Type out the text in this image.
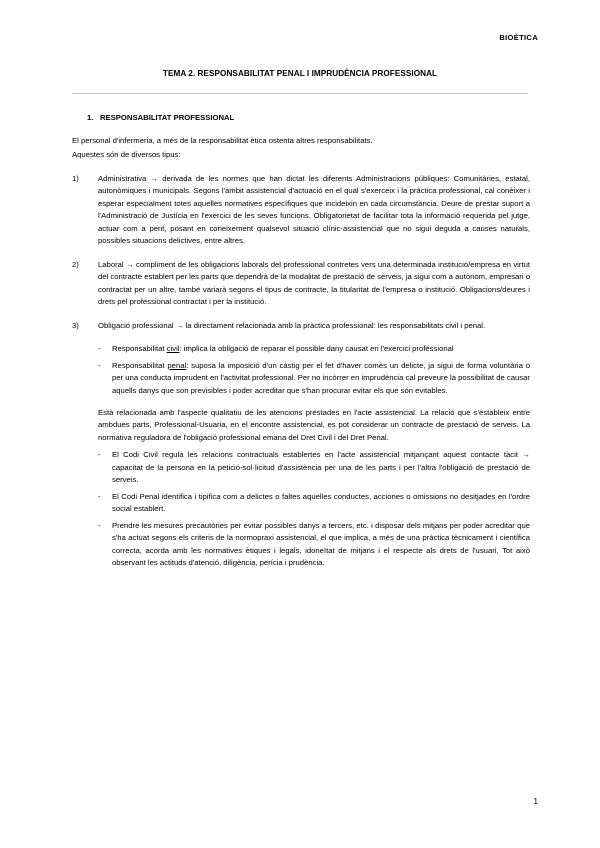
BIOÈTICA
TEMA 2. RESPONSABILITAT PENAL I IMPRUDÈNCIA PROFESSIONAL
1. RESPONSABILITAT PROFESSIONAL
El personal d'infermeria, a més de la responsabilitat ètica ostenta altres responsabilitats.
Aquestes són de diversos tipus:
1)	Administrativa → derivada de les normes que han dictat les diferents Administracions públiques: Comunitàries, estatal, autonòmiques i municipals. Segons l'àmbit assistencial d'actuació en el qual s'exerceix i la pràctica professional, cal conèixer i esperar especialment totes aquelles normatives específiques que incideixin en cada circumstància. Deure de prestar suport a l'Administració de Justícia en l'exercici de les seves funcions. Obligatorietat de facilitar tota la informació requerida pel jutge, actuar com a perit, posant en coneixement qualsevol situació clínic-assistencial que no sigui deguda a causes naturals, possibles situacions delictives, entre altres.
2)	Laboral → compliment de les obligacions laborals del professional contretes vers una determinada institució/empresa en virtut del contracte establert per les parts que dependrà de la modalitat de prestació de serveis, ja sigui com a autònom, empresari o contractat per un altre, també variarà segons el tipus de contracte, la titularitat de l'empresa o institució. Obligacions/deures i drets pel professional contractat i per la institució.
3)	Obligació professional → la directament relacionada amb la pràctica professional: les responsabilitats civil i penal.
-	Responsabilitat civil: implica la obligació de reparar el possible dany causat en l'exercici professional
-	Responsabilitat penal: suposa la imposició d'un càstig per el fet d'haver comès un delicte, ja sigui de forma voluntària o per una conducta imprudent en l'activitat professional. Per no incórrer en imprudència cal preveure la possibilitat de causar aquells danys que son previsibles i poder acreditar que s'han procurar evitar els que són evitables.
Està relacionada amb l'aspecte qualitatiu de les atencions prestades en l'acte assistencial. La relació que s'estableix entre ambdues parts, Professional-Usuaria, en el encontre assistencial, es pot considerar un contracte de prestació de serveis. La normativa reguladora de l'obligació professional emana del Dret Civil i del Dret Penal.
-	El Codi Civil regula les relacions contractuals establertes en l'acte assistencial mitjançant aquest contacte tàcit → capacitat de la persona en la petició-sol·licitud d'assistència per una de les parts i per l'altra l'obligació de prestació de serveis.
-	El Codi Penal identifica i tipifica com a delictes o faltes aquelles conductes, acciones o omissions no desitjades en l'ordre social establert.
-	Prendre les mesures precautòries per evitar possibles danys a tercers, etc. i disposar dels mitjans per poder acreditar que s'ha actuat segons els criteris de la normopraxi assistencial, el que implica, a més de una pràctica tècnicament i científica correcta, acorda amb les normatives ètiques i legals, idoneïtat de mitjans i el respecte als drets de l'usuari. Tot això observant les actituds d'atenció, diligència, perícia i prudència.
1
